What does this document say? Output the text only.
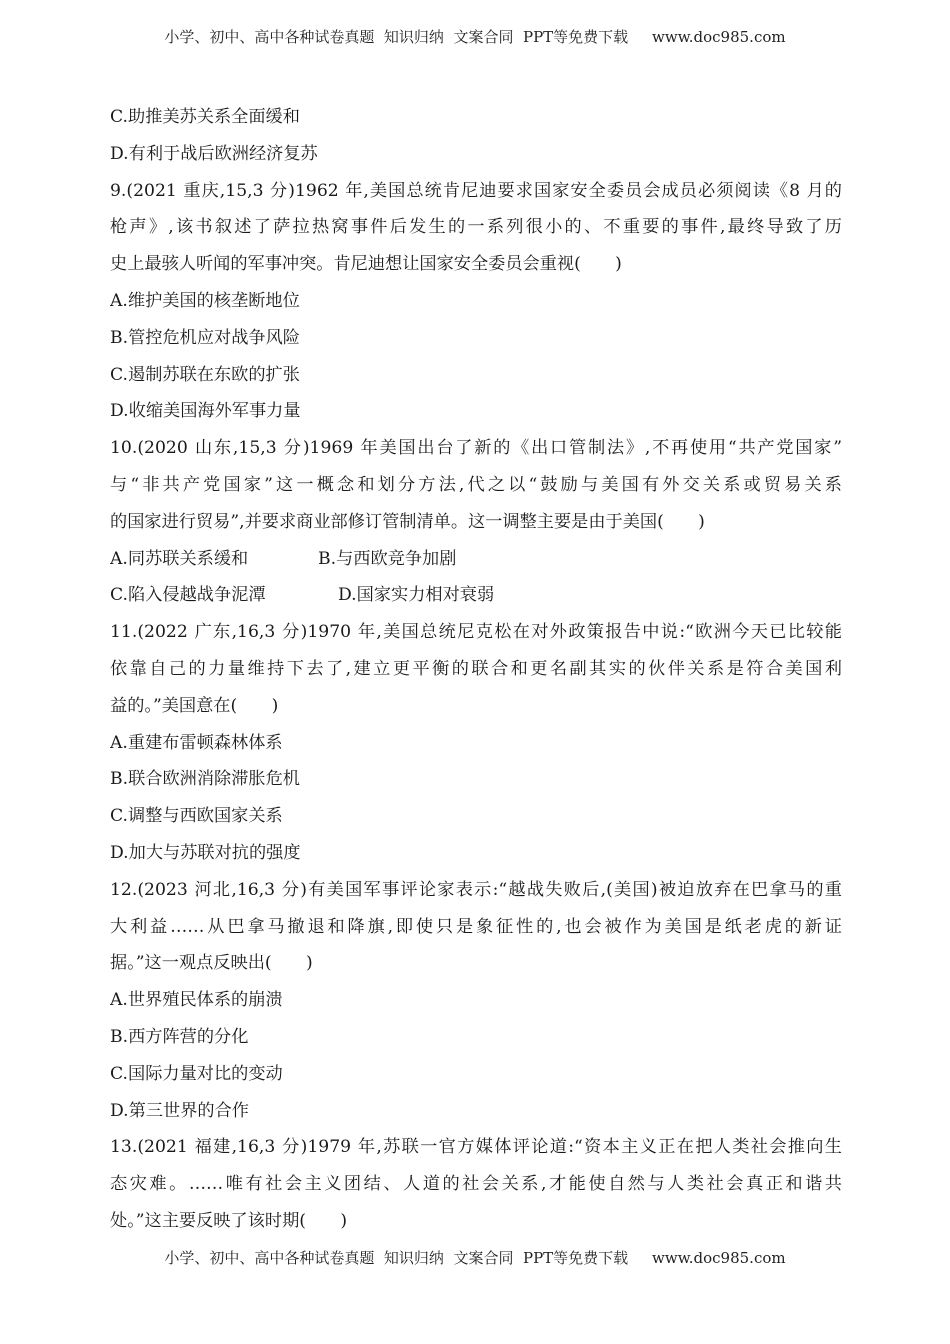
小学、初中、高中各种试卷真题  知识归纳  文案合同  PPT等免费下载     www.doc985.com
C.助推美苏关系全面缓和
D.有利于战后欧洲经济复苏
9.(2021 重庆,15,3 分)1962 年,美国总统肯尼迪要求国家安全委员会成员必须阅读《8 月的
枪声》,该书叙述了萨拉热窝事件后发生的一系列很小的、不重要的事件,最终导致了历
史上最骇人听闻的军事冲突。肯尼迪想让国家安全委员会重视(　　)
A.维护美国的核垄断地位
B.管控危机应对战争风险
C.遏制苏联在东欧的扩张
D.收缩美国海外军事力量
10.(2020 山东,15,3 分)1969 年美国出台了新的《出口管制法》,不再使用“共产党国家”
与“非共产党国家”这一概念和划分方法,代之以“鼓励与美国有外交关系或贸易关系
的国家进行贸易”,并要求商业部修订管制清单。这一调整主要是由于美国(　　)
A.同苏联关系缓和	B.与西欧竞争加剧
C.陷入侵越战争泥潭	D.国家实力相对衰弱
11.(2022 广东,16,3 分)1970 年,美国总统尼克松在对外政策报告中说:“欧洲今天已比较能
依靠自己的力量维持下去了,建立更平衡的联合和更名副其实的伙伴关系是符合美国利
益的。”美国意在(　　)
A.重建布雷顿森林体系
B.联合欧洲消除滞胀危机
C.调整与西欧国家关系
D.加大与苏联对抗的强度
12.(2023 河北,16,3 分)有美国军事评论家表示:“越战失败后,(美国)被迫放弃在巴拿马的重
大利益……从巴拿马撤退和降旗,即使只是象征性的,也会被作为美国是纸老虎的新证
据。”这一观点反映出(　　)
A.世界殖民体系的崩溃
B.西方阵营的分化
C.国际力量对比的变动
D.第三世界的合作
13.(2021 福建,16,3 分)1979 年,苏联一官方媒体评论道:“资本主义正在把人类社会推向生
态灾难。……唯有社会主义团结、人道的社会关系,才能使自然与人类社会真正和谐共
处。”这主要反映了该时期(　　)
小学、初中、高中各种试卷真题  知识归纳  文案合同  PPT等免费下载     www.doc985.com
